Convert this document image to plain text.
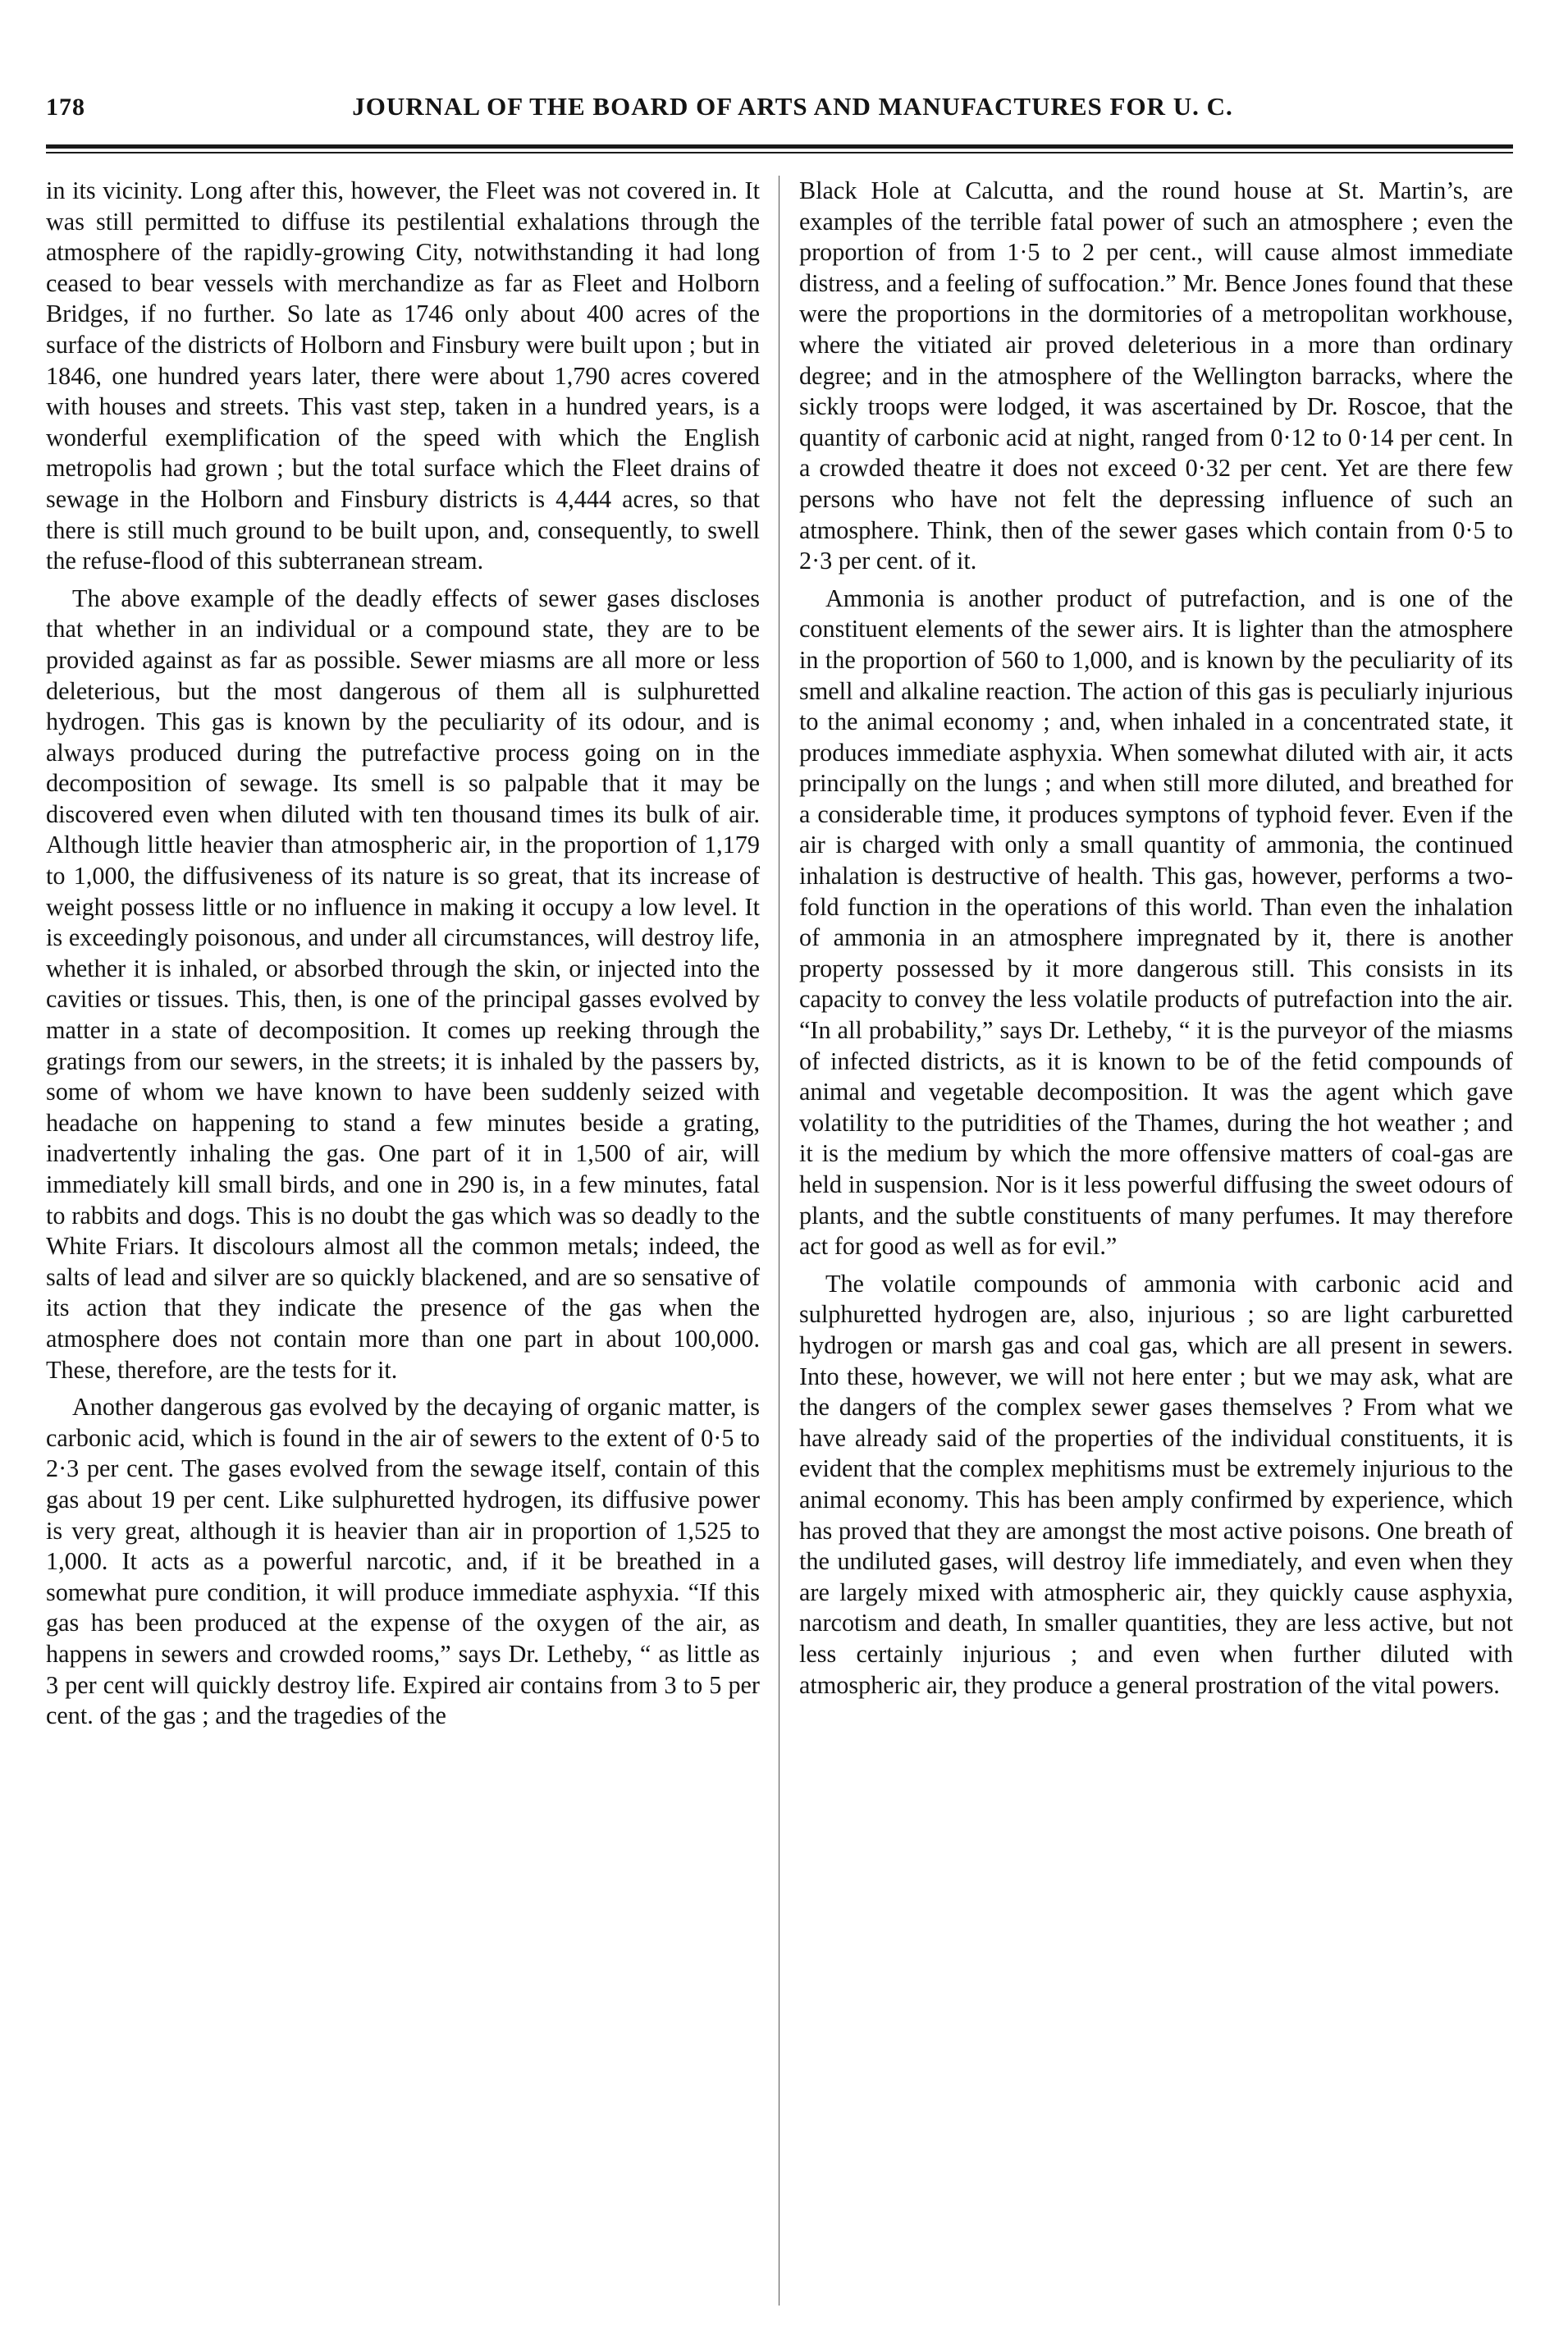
178	JOURNAL OF THE BOARD OF ARTS AND MANUFACTURES FOR U. C.

in its vicinity. Long after this, however, the Fleet was not covered in. It was still permitted to diffuse its pestilential exhalations through the atmosphere of the rapidly-growing City, notwithstanding it had long ceased to bear vessels with merchandize as far as Fleet and Holborn Bridges, if no further. So late as 1746 only about 400 acres of the surface of the districts of Holborn and Finsbury were built upon ; but in 1846, one hundred years later, there were about 1,790 acres covered with houses and streets. This vast step, taken in a hundred years, is a wonderful exemplification of the speed with which the English metropolis had grown ; but the total surface which the Fleet drains of sewage in the Holborn and Finsbury districts is 4,444 acres, so that there is still much ground to be built upon, and, consequently, to swell the refuse-flood of this subterranean stream.

The above example of the deadly effects of sewer gases discloses that whether in an individual or a compound state, they are to be provided against as far as possible. Sewer miasms are all more or less deleterious, but the most dangerous of them all is sulphuretted hydrogen. This gas is known by the peculiarity of its odour, and is always produced during the putrefactive process going on in the decomposition of sewage. Its smell is so palpable that it may be discovered even when diluted with ten thousand times its bulk of air. Although little heavier than atmospheric air, in the proportion of 1,179 to 1,000, the diffusiveness of its nature is so great, that its increase of weight possess little or no influence in making it occupy a low level. It is exceedingly poisonous, and under all circumstances, will destroy life, whether it is inhaled, or absorbed through the skin, or injected into the cavities or tissues. This, then, is one of the principal gasses evolved by matter in a state of decomposition. It comes up reeking through the gratings from our sewers, in the streets; it is inhaled by the passers by, some of whom we have known to have been suddenly seized with headache on happening to stand a few minutes beside a grating, inadvertently inhaling the gas. One part of it in 1,500 of air, will immediately kill small birds, and one in 290 is, in a few minutes, fatal to rabbits and dogs. This is no doubt the gas which was so deadly to the White Friars. It discolours almost all the common metals; indeed, the salts of lead and silver are so quickly blackened, and are so sensative of its action that they indicate the presence of the gas when the atmosphere does not contain more than one part in about 100,000. These, therefore, are the tests for it.

Another dangerous gas evolved by the decaying of organic matter, is carbonic acid, which is found in the air of sewers to the extent of 0·5 to 2·3 per cent. The gases evolved from the sewage itself, contain of this gas about 19 per cent. Like sulphuretted hydrogen, its diffusive power is very great, although it is heavier than air in proportion of 1,525 to 1,000. It acts as a powerful narcotic, and, if it be breathed in a somewhat pure condition, it will produce immediate asphyxia. “If this gas has been produced at the expense of the oxygen of the air, as happens in sewers and crowded rooms,” says Dr. Letheby, “ as little as 3 per cent will quickly destroy life. Expired air contains from 3 to 5 per cent. of the gas ; and the tragedies of the

Black Hole at Calcutta, and the round house at St. Martin’s, are examples of the terrible fatal power of such an atmosphere ; even the proportion of from 1·5 to 2 per cent., will cause almost immediate distress, and a feeling of suffocation.” Mr. Bence Jones found that these were the proportions in the dormitories of a metropolitan workhouse, where the vitiated air proved deleterious in a more than ordinary degree; and in the atmosphere of the Wellington barracks, where the sickly troops were lodged, it was ascertained by Dr. Roscoe, that the quantity of carbonic acid at night, ranged from 0·12 to 0·14 per cent. In a crowded theatre it does not exceed 0·32 per cent. Yet are there few persons who have not felt the depressing influence of such an atmosphere. Think, then of the sewer gases which contain from 0·5 to 2·3 per cent. of it.

Ammonia is another product of putrefaction, and is one of the constituent elements of the sewer airs. It is lighter than the atmosphere in the proportion of 560 to 1,000, and is known by the peculiarity of its smell and alkaline reaction. The action of this gas is peculiarly injurious to the animal economy ; and, when inhaled in a concentrated state, it produces immediate asphyxia. When somewhat diluted with air, it acts principally on the lungs ; and when still more diluted, and breathed for a considerable time, it produces symptons of typhoid fever. Even if the air is charged with only a small quantity of ammonia, the continued inhalation is destructive of health. This gas, however, performs a two-fold function in the operations of this world. Than even the inhalation of ammonia in an atmosphere impregnated by it, there is another property possessed by it more dangerous still. This consists in its capacity to convey the less volatile products of putrefaction into the air. “In all probability,” says Dr. Letheby, “ it is the purveyor of the miasms of infected districts, as it is known to be of the fetid compounds of animal and vegetable decomposition. It was the agent which gave volatility to the putridities of the Thames, during the hot weather ; and it is the medium by which the more offensive matters of coal-gas are held in suspension. Nor is it less powerful diffusing the sweet odours of plants, and the subtle constituents of many perfumes. It may therefore act for good as well as for evil.”

The volatile compounds of ammonia with carbonic acid and sulphuretted hydrogen are, also, injurious ; so are light carburetted hydrogen or marsh gas and coal gas, which are all present in sewers. Into these, however, we will not here enter ; but we may ask, what are the dangers of the complex sewer gases themselves ? From what we have already said of the properties of the individual constituents, it is evident that the complex mephitisms must be extremely injurious to the animal economy. This has been amply confirmed by experience, which has proved that they are amongst the most active poisons. One breath of the undiluted gases, will destroy life immediately, and even when they are largely mixed with atmospheric air, they quickly cause asphyxia, narcotism and death, In smaller quantities, they are less active, but not less certainly injurious ; and even when further diluted with atmospheric air, they produce a general prostration of the vital powers.
